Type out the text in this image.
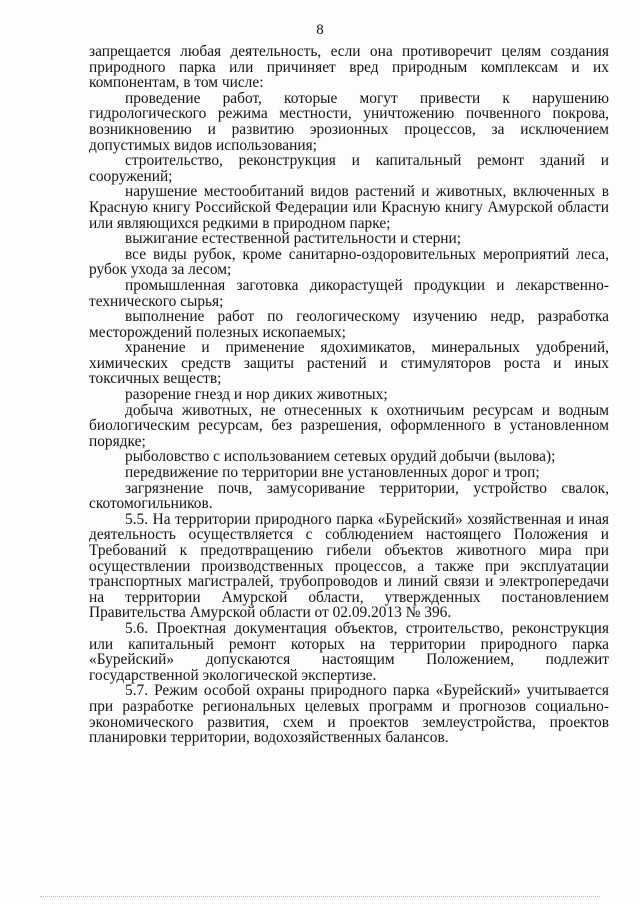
8

запрещается любая деятельность, если она противоречит целям создания природного парка или причиняет вред природным комплексам и их компонентам, в том числе:

проведение работ, которые могут привести к нарушению гидрологического режима местности, уничтожению почвенного покрова, возникновению и развитию эрозионных процессов, за исключением допустимых видов использования;

строительство, реконструкция и капитальный ремонт зданий и сооружений;

нарушение местообитаний видов растений и животных, включенных в Красную книгу Российской Федерации или Красную книгу Амурской области или являющихся редкими в природном парке;

выжигание естественной растительности и стерни;

все виды рубок, кроме санитарно-оздоровительных мероприятий леса, рубок ухода за лесом;

промышленная заготовка дикорастущей продукции и лекарственно-технического сырья;

выполнение работ по геологическому изучению недр, разработка месторождений полезных ископаемых;

хранение и применение ядохимикатов, минеральных удобрений, химических средств защиты растений и стимуляторов роста и иных токсичных веществ;

разорение гнезд и нор диких животных;

добыча животных, не отнесенных к охотничьим ресурсам и водным биологическим ресурсам, без разрешения, оформленного в установленном порядке;

рыболовство с использованием сетевых орудий добычи (вылова);

передвижение по территории вне установленных дорог и троп;

загрязнение почв, замусоривание территории, устройство свалок, скотомогильников.

5.5. На территории природного парка «Бурейский» хозяйственная и иная деятельность осуществляется с соблюдением настоящего Положения и Требований к предотвращению гибели объектов животного мира при осуществлении производственных процессов, а также при эксплуатации транспортных магистралей, трубопроводов и линий связи и электропередачи на территории Амурской области, утвержденных постановлением Правительства Амурской области от 02.09.2013 № 396.

5.6. Проектная документация объектов, строительство, реконструкция или капитальный ремонт которых на территории природного парка «Бурейский» допускаются настоящим Положением, подлежит государственной экологической экспертизе.

5.7. Режим особой охраны природного парка «Бурейский» учитывается при разработке региональных целевых программ и прогнозов социально-экономического развития, схем и проектов землеустройства, проектов планировки территории, водохозяйственных балансов.
